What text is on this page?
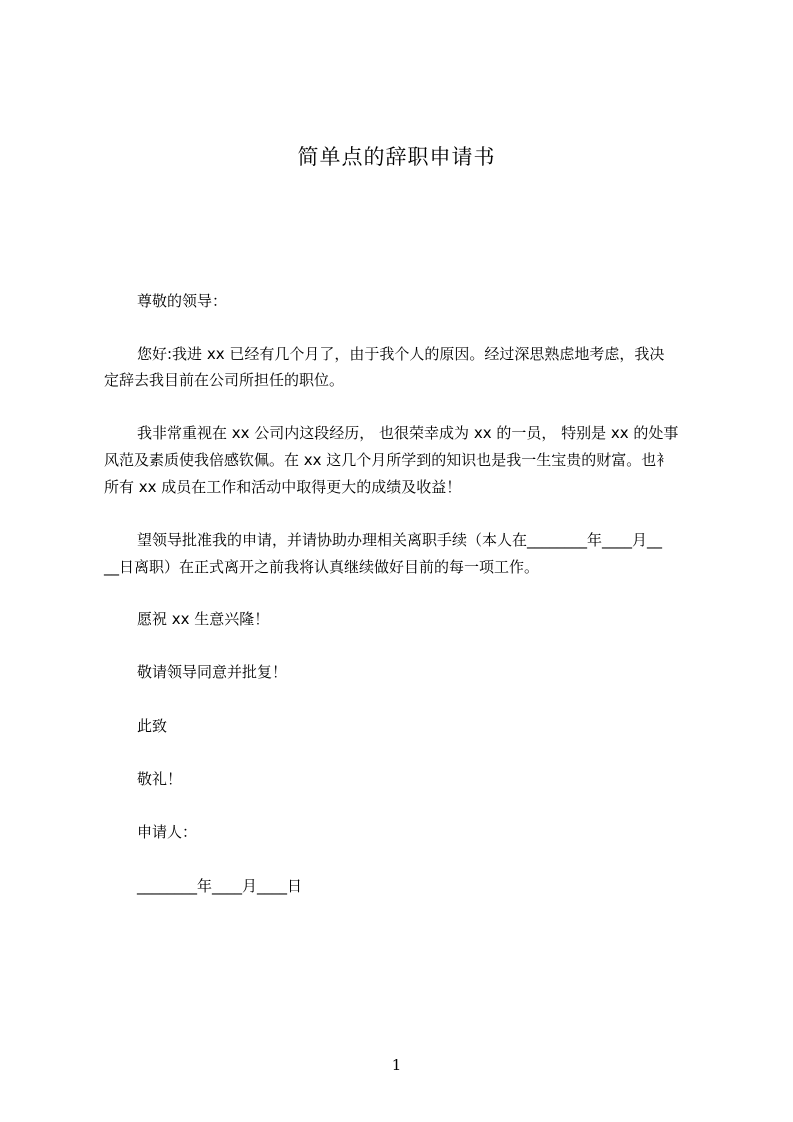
简单点的辞职申请书
尊敬的领导：
您好:我进 xx 已经有几个月了，由于我个人的原因。经过深思熟虑地考虑，我决
定辞去我目前在公司所担任的职位。
我非常重视在 xx 公司内这段经历， 也很荣幸成为 xx 的一员， 特别是 xx 的处事
风范及素质使我倍感钦佩。在 xx 这几个月所学到的知识也是我一生宝贵的财富。也衤
所有 xx 成员在工作和活动中取得更大的成绩及收益！
望领导批准我的申请，并请协助办理相关离职手续（本人在________年____月__
__日离职）在正式离开之前我将认真继续做好目前的每一项工作。
愿祝 xx 生意兴隆！
敬请领导同意并批复！
此致
敬礼！
申请人：
________年____月____日
1
